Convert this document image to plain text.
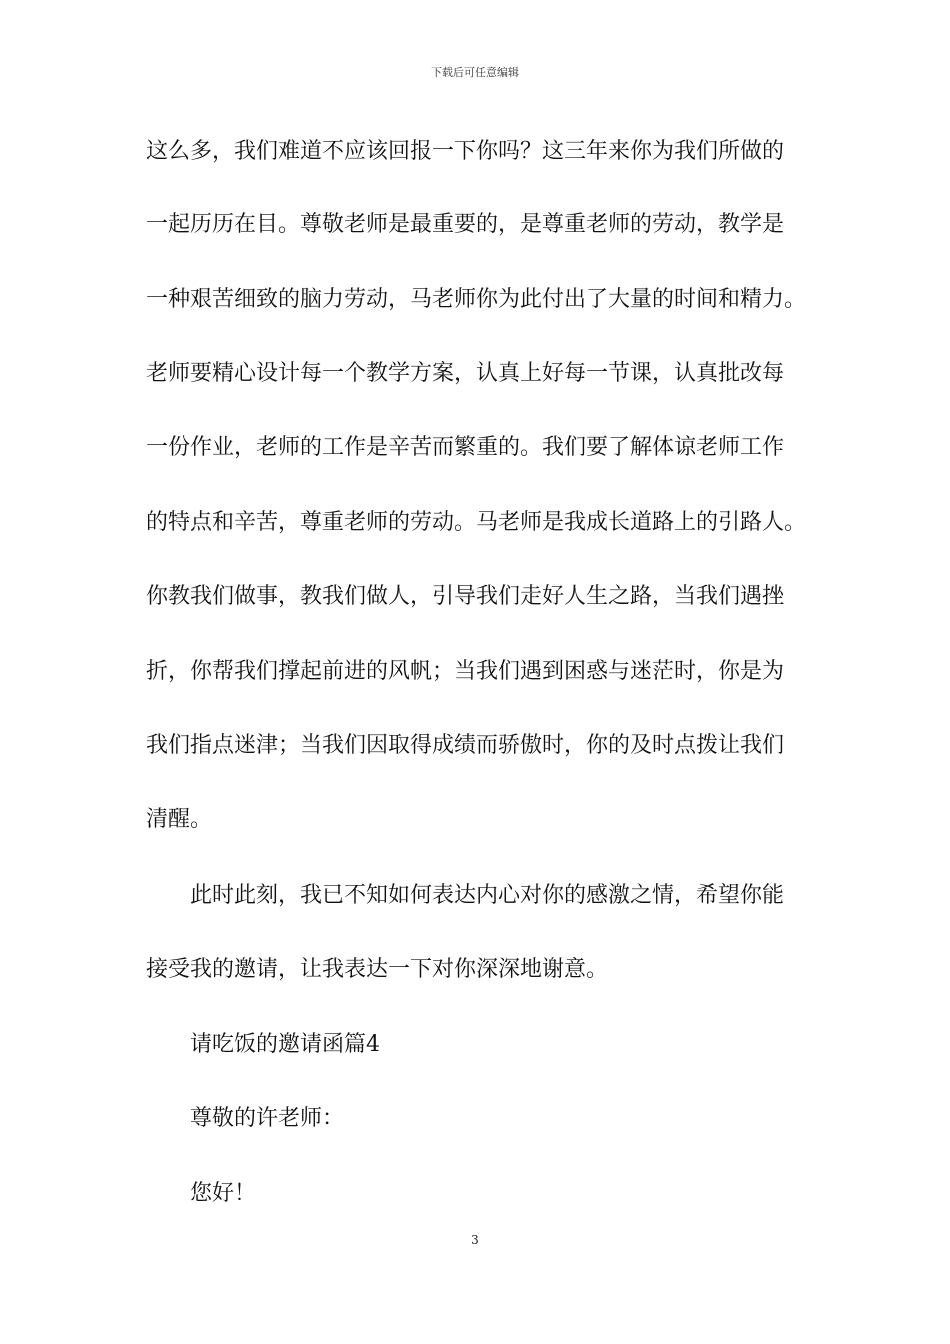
下载后可任意编辑
这么多，我们难道不应该回报一下你吗？这三年来你为我们所做的
一起历历在目。尊敬老师是最重要的，是尊重老师的劳动，教学是
一种艰苦细致的脑力劳动，马老师你为此付出了大量的时间和精力。
老师要精心设计每一个教学方案，认真上好每一节课，认真批改每
一份作业，老师的工作是辛苦而繁重的。我们要了解体谅老师工作
的特点和辛苦，尊重老师的劳动。马老师是我成长道路上的引路人。
你教我们做事，教我们做人，引导我们走好人生之路，当我们遇挫
折，你帮我们撑起前进的风帆；当我们遇到困惑与迷茫时，你是为
我们指点迷津；当我们因取得成绩而骄傲时，你的及时点拨让我们
清醒。
此时此刻，我已不知如何表达内心对你的感激之情，希望你能
接受我的邀请，让我表达一下对你深深地谢意。
请吃饭的邀请函篇4
尊敬的许老师：
您好！
3
